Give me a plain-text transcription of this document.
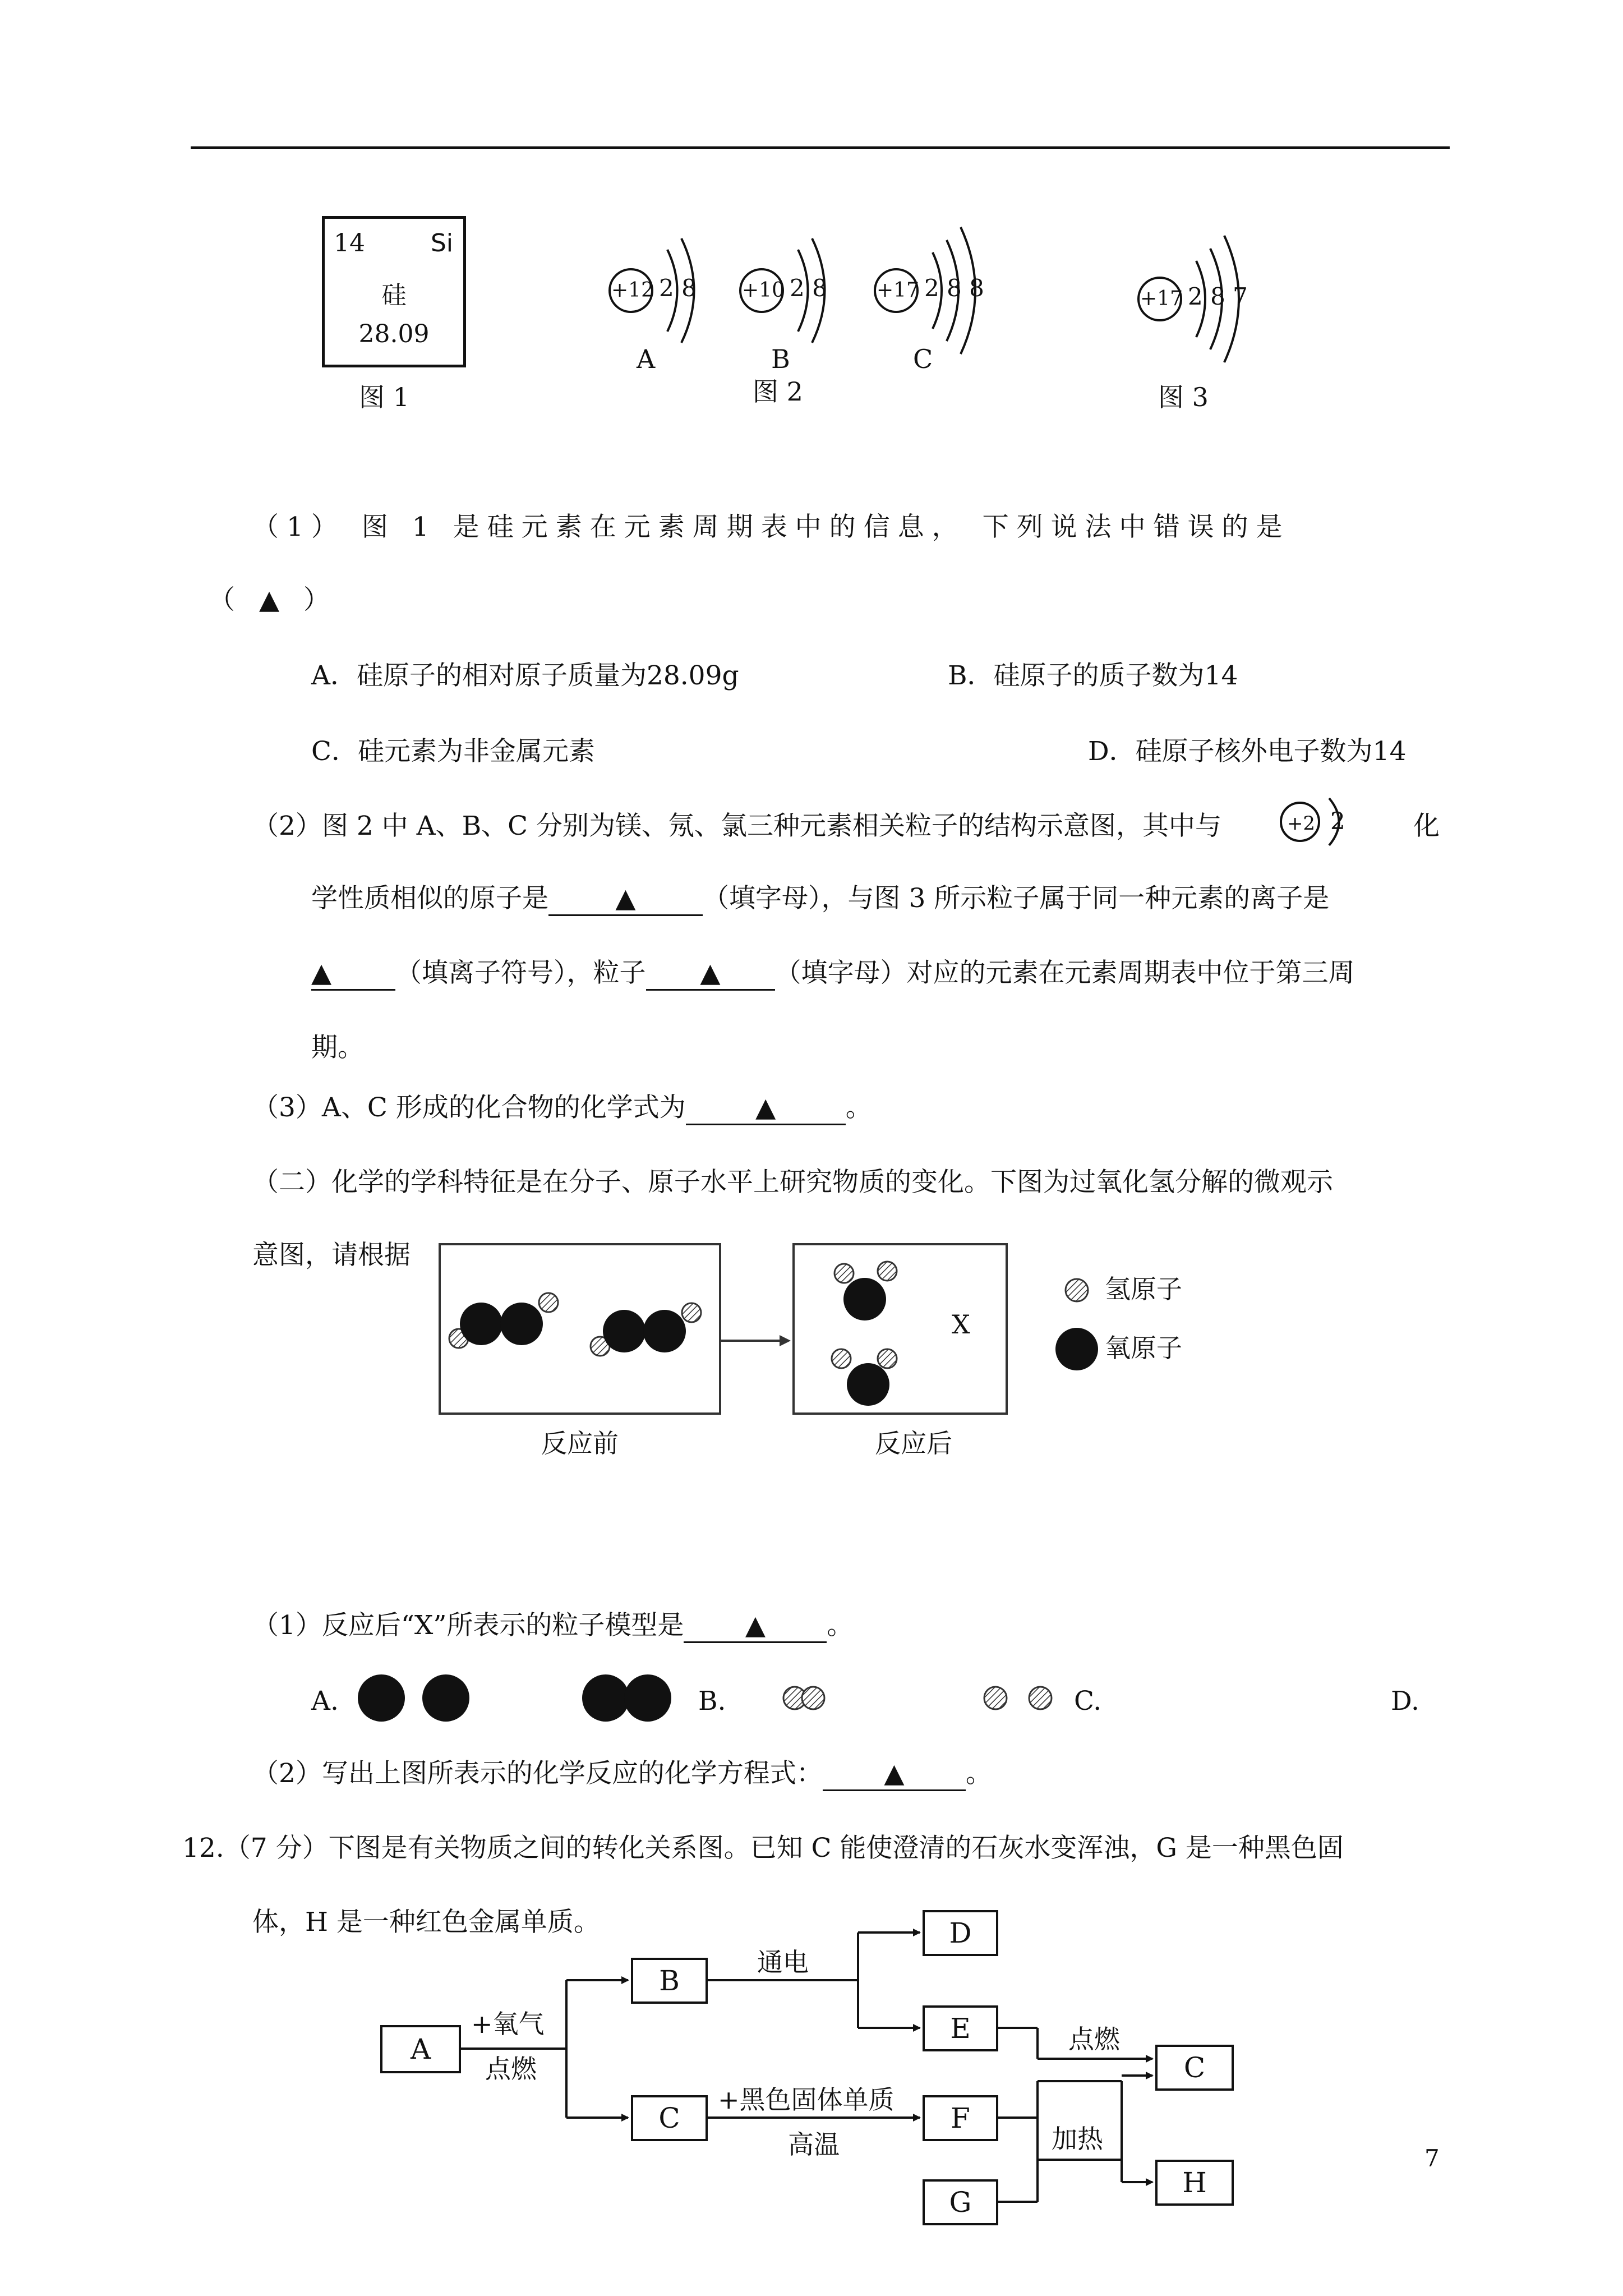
14	Si
硅
28.09
图 1
+12 2 8
A
+10 2 8
B
+17 2 8 8
C
图 2
+17 2 8 7
图 3
（1） 图 1 是硅元素在元素周期表中的信息， 下列说法中错误的是
（ ▲ ）
A．硅原子的相对原子质量为28.09g	B．硅原子的质子数为14
C．硅元素为非金属元素	D．硅原子核外电子数为14
（2）图 2 中 A、B、C 分别为镁、氖、氯三种元素相关粒子的结构示意图，其中与	+2 2	化
学性质相似的原子是	▲	（填字母），与图 3 所示粒子属于同一种元素的离子是
▲ （填离子符号），粒子 ▲ （填字母）对应的元素在元素周期表中位于第三周
期。
（3）A、C 形成的化合物的化学式为	▲	。
（二）化学的学科特征是在分子、原子水平上研究物质的变化。下图为过氧化氢分解的微观示
意图，请根据
X
氢原子
氧原子
反应前	反应后
（1）反应后“X”所表示的粒子模型是 ▲ 。
A.	B.	C.	D.
（2）写出上图所表示的化学反应的化学方程式： ▲ 。
12.（7 分）下图是有关物质之间的转化关系图。已知 C 能使澄清的石灰水变浑浊，G 是一种黑色固
体，H 是一种红色金属单质。
A
B
C
D
E
F
G
C
H
+氧气
点燃
通电
+黑色固体单质
高温
点燃
加热
7
